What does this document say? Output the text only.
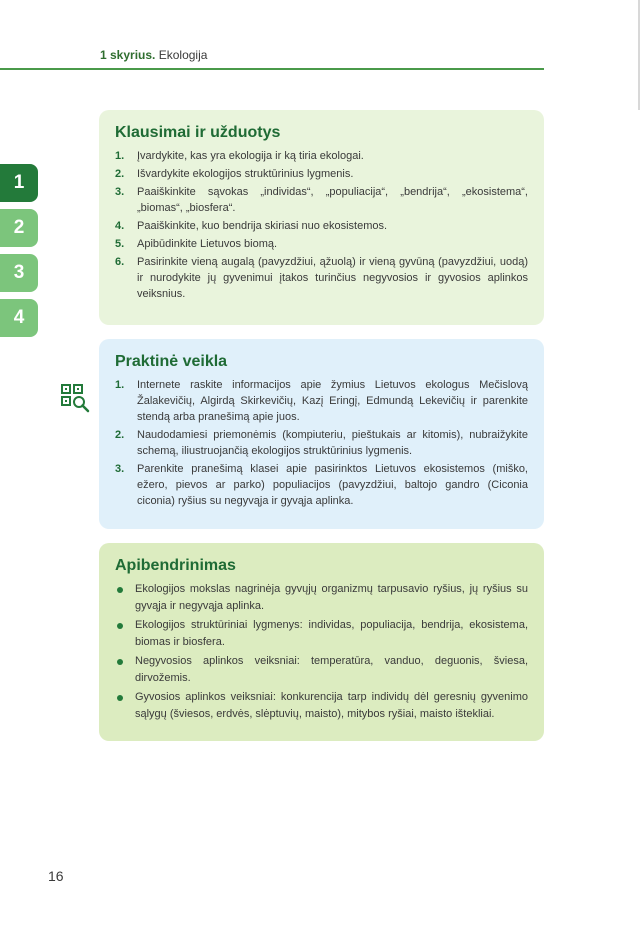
1 skyrius. Ekologija
1
2
3
4
Klausimai ir užduotys
1. Įvardykite, kas yra ekologija ir ką tiria ekologai.
2. Išvardykite ekologijos struktūrinius lygmenis.
3. Paaiškinkite sąvokas „individas“, „populiacija“, „bendrija“, „ekosistema“, „biomas“, „biosfera“.
4. Paaiškinkite, kuo bendrija skiriasi nuo ekosistemos.
5. Apibūdinkite Lietuvos biomą.
6. Pasirinkite vieną augalą (pavyzdžiui, ąžuolą) ir vieną gyvūną (pavyzdžiui, uodą) ir nurodykite jų gyvenimui įtakos turinčius negyvosios ir gyvosios aplinkos veiksnius.
Praktinė veikla
1. Internete raskite informacijos apie žymius Lietuvos ekologus Mečislovą Žalakevičių, Algirdą Skirkevičių, Kazį Eringį, Edmundą Lekevičių ir parenkite stendą arba pranešimą apie juos.
2. Naudodamiesi priemonėmis (kompiuteriu, pieštukais ar kitomis), nubraižykite schemą, iliustruojančią ekologijos struktūrinius lygmenis.
3. Parenkite pranešimą klasei apie pasirinktos Lietuvos ekosistemos (miško, ežero, pievos ar parko) populiacijos (pavyzdžiui, baltojo gandro (Ciconia ciconia) ryšius su negyvąja ir gyvąja aplinka.
Apibendrinimas
Ekologijos mokslas nagrinėja gyvųjų organizmų tarpusavio ryšius, jų ryšius su gyvąja ir negyvąja aplinka.
Ekologijos struktūriniai lygmenys: individas, populiacija, bendrija, ekosistema, biomas ir biosfera.
Negyvosios aplinkos veiksniai: temperatūra, vanduo, deguonis, šviesa, dirvožemis.
Gyvosios aplinkos veiksniai: konkurencija tarp individų dėl geresnių gyvenimo sąlygų (šviesos, erdvės, slėptuvių, maisto), mitybos ryšiai, maisto ištekliai.
16
